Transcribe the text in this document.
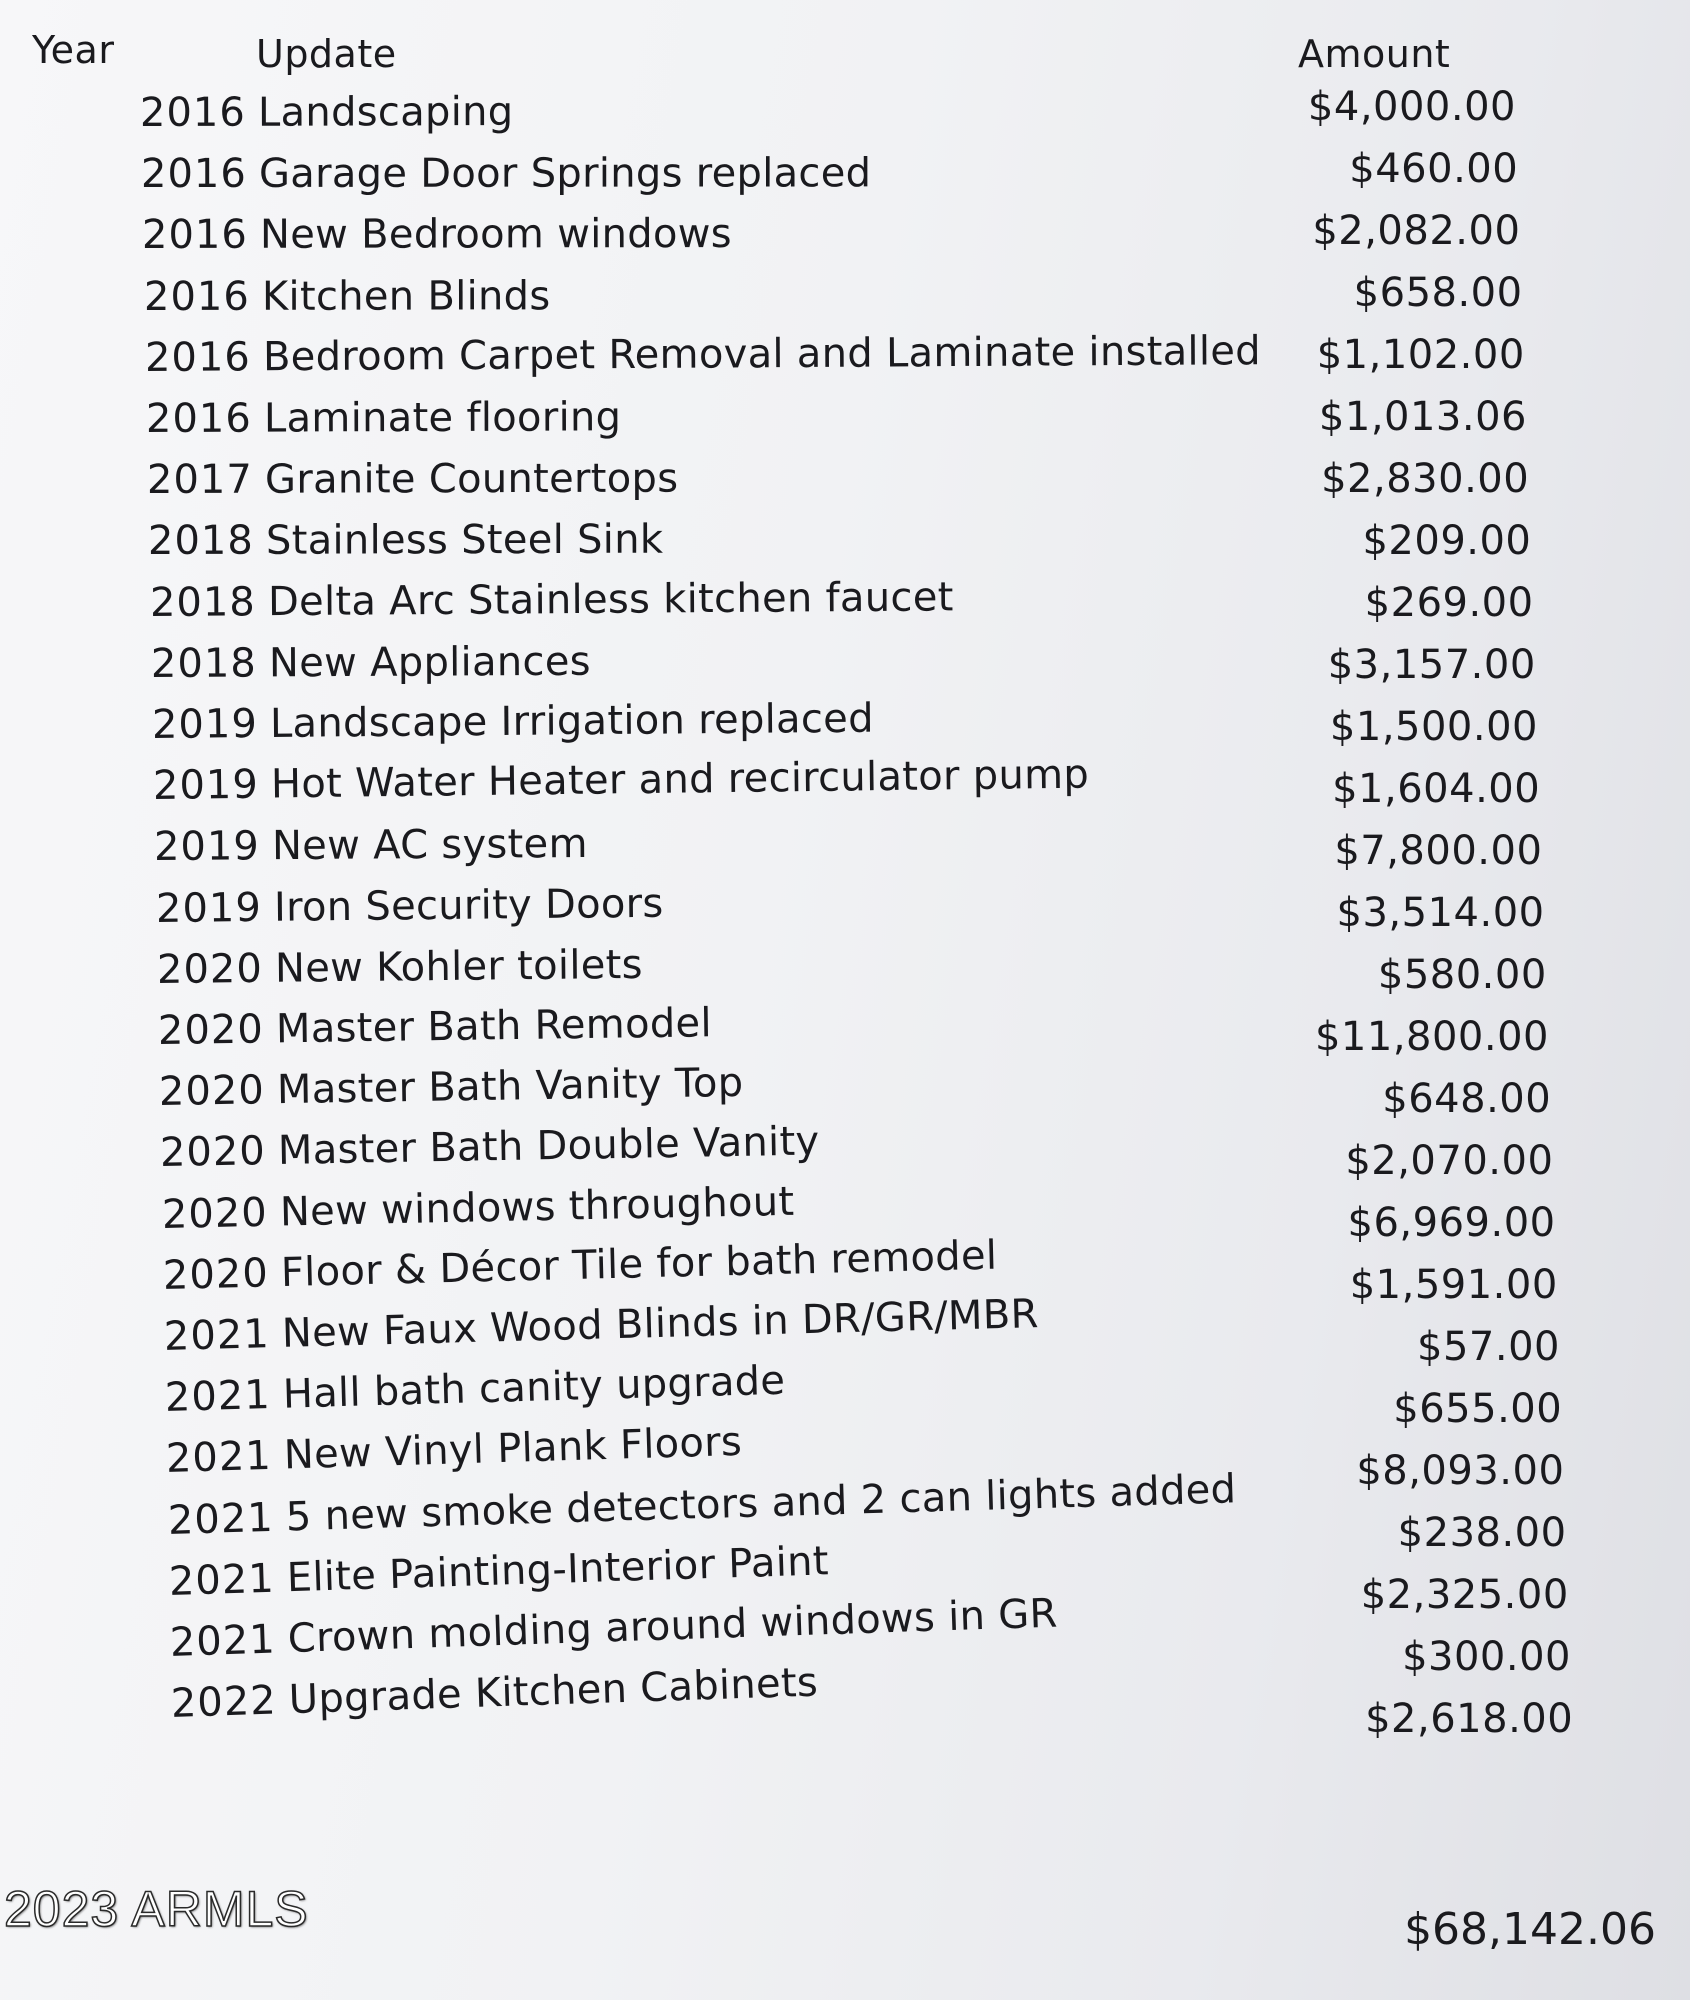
Year	Update	Amount
2016 Landscaping
2016 Garage Door Springs replaced
2016 New Bedroom windows
2016 Kitchen Blinds
2016 Bedroom Carpet Removal and Laminate installed
2016 Laminate flooring
2017 Granite Countertops
2018 Stainless Steel Sink
2018 Delta Arc Stainless kitchen faucet
2018 New Appliances
2019 Landscape Irrigation replaced
2019 Hot Water Heater and recirculator pump
2019 New AC system
2019 Iron Security Doors
2020 New Kohler toilets
2020 Master Bath Remodel
2020 Master Bath Vanity Top
2020 Master Bath Double Vanity
2020 New windows throughout
2020 Floor & Décor Tile for bath remodel
2021 New Faux Wood Blinds in DR/GR/MBR
2021 Hall bath canity upgrade
2021 New Vinyl Plank Floors
2021 5 new smoke detectors and 2 can lights added
2021 Elite Painting-Interior Paint
2021 Crown molding around windows in GR
2022 Upgrade Kitchen Cabinets
$4,000.00
$460.00
$2,082.00
$658.00
$1,102.00
$1,013.06
$2,830.00
$209.00
$269.00
$3,157.00
$1,500.00
$1,604.00
$7,800.00
$3,514.00
$580.00
$11,800.00
$648.00
$2,070.00
$6,969.00
$1,591.00
$57.00
$655.00
$8,093.00
$238.00
$2,325.00
$300.00
$2,618.00
$68,142.06
2023 ARMLS
